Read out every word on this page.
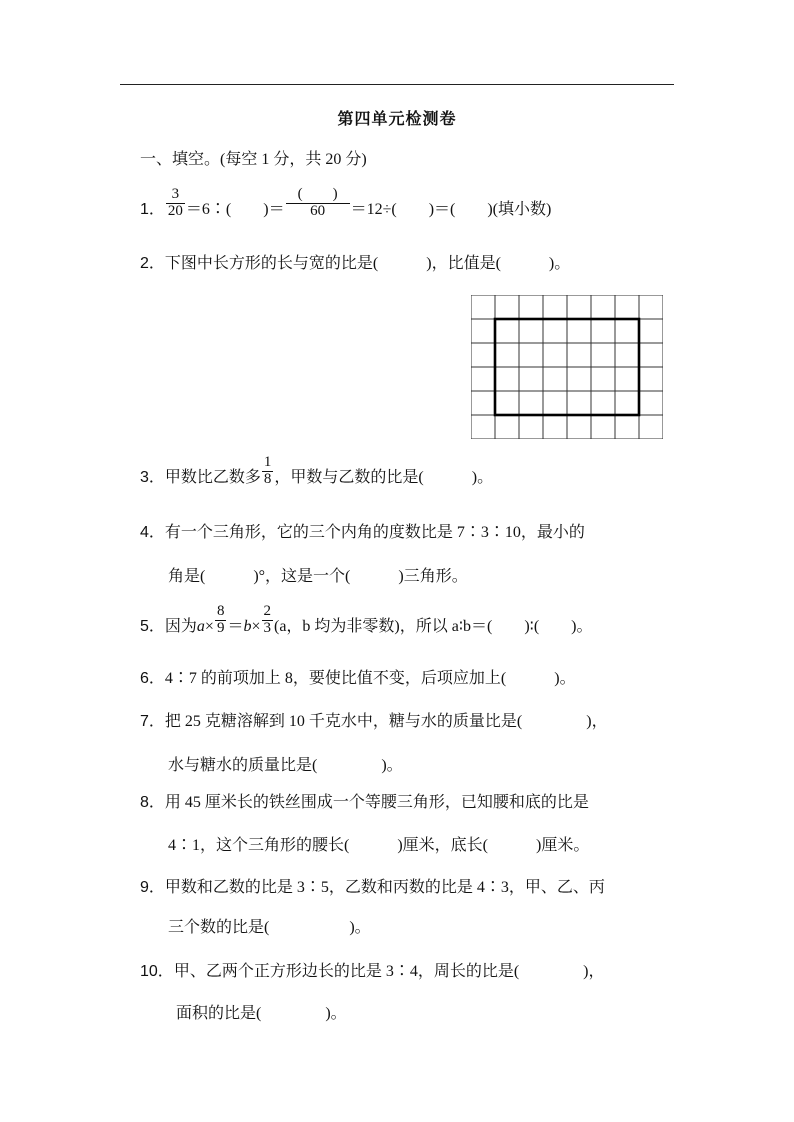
第四单元检测卷
一、填空。(每空 1 分，共 20 分)
1． $\frac{3}{20}$ ＝6∶(　　)＝ $\frac{( )}{60} =12\div$(　　)＝(　　)(填小数)
2．下图中长方形的长与宽的比是(　　　)，比值是(　　　)。
3．甲数比乙数多 $\frac{1}{8}$ ，甲数与乙数的比是(　　　)。
4．有一个三角形，它的三个内角的度数比是 7∶3∶10，最小的
角是(　　　)°，这是一个(　　　)三角形。
5．因为$a\times \frac{8}{9} =b\times \frac{2}{3} (a$，b 均为非零数)，所以 a∶b＝(　　)∶(　　)。
6．4∶7 的前项加上 8，要使比值不变，后项应加上(　　　)。
7．把 25 克糖溶解到 10 千克水中，糖与水的质量比是(　　　　)，
水与糖水的质量比是(　　　　)。
8．用 45 厘米长的铁丝围成一个等腰三角形，已知腰和底的比是
4∶1，这个三角形的腰长(　　　)厘米，底长(　　　)厘米。
9．甲数和乙数的比是 3∶5，乙数和丙数的比是 4∶3，甲、乙、丙
三个数的比是(　　　　　)。
10．甲、乙两个正方形边长的比是 3∶4，周长的比是(　　　　)，
面积的比是(　　　　)。
